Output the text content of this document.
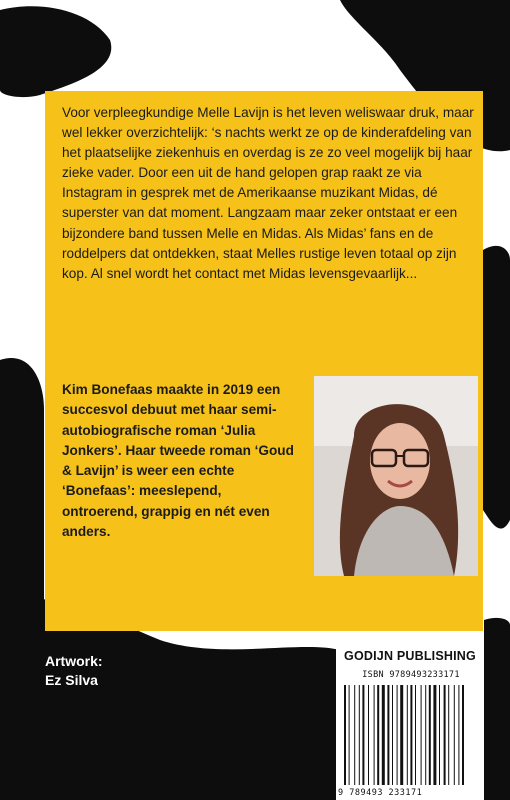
Voor verpleegkundige Melle Lavijn is het leven weliswaar druk, maar wel lekker overzichtelijk: ‘s nachts werkt ze op de kinderafdeling van het plaatselijke ziekenhuis en overdag is ze zo veel mogelijk bij haar zieke vader. Door een uit de hand gelopen grap raakt ze via Instagram in gesprek met de Amerikaanse muzikant Midas, dé superster van dat moment. Langzaam maar zeker ontstaat er een bijzondere band tussen Melle en Midas. Als Midas’ fans en de roddelpers dat ontdekken, staat Melles rustige leven totaal op zijn kop. Al snel wordt het contact met Midas levensgevaarlijk...

Kim Bonefaas maakte in 2019 een succesvol debuut met haar semi-autobiografische roman ‘Julia Jonkers’. Haar tweede roman ‘Goud & Lavijn’ is weer een echte ‘Bonefaas’: meeslepend, ontroerend, grappig en nét even anders.

Artwork:
Ez Silva
GODIJN PUBLISHING
ISBN 9789493233171
9 789493 233171
